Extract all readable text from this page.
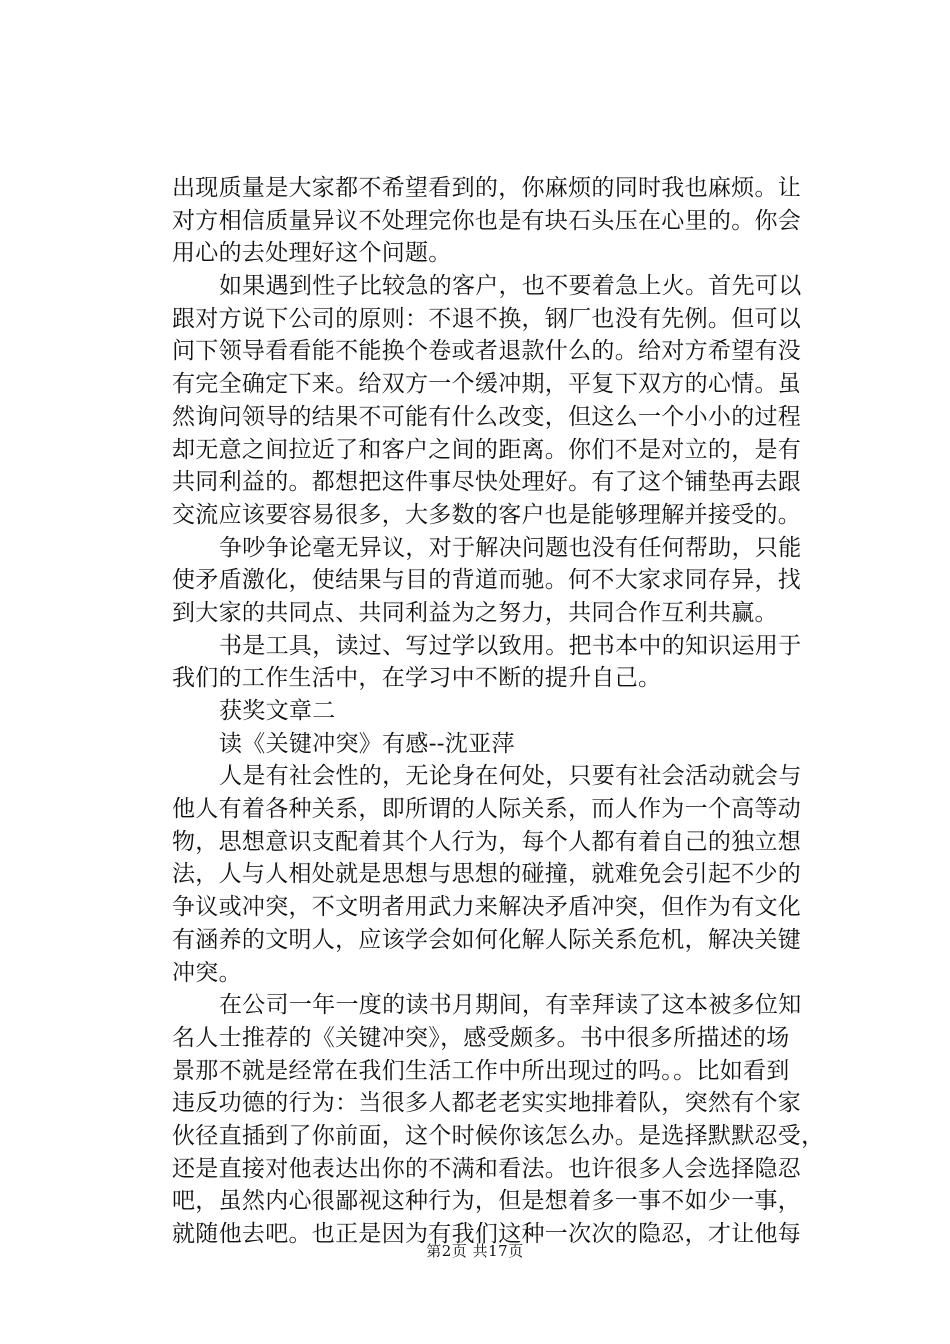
出现质量是大家都不希望看到的，你麻烦的同时我也麻烦。让
对方相信质量异议不处理完你也是有块石头压在心里的。你会
用心的去处理好这个问题。
如果遇到性子比较急的客户，也不要着急上火。首先可以
跟对方说下公司的原则：不退不换，钢厂也没有先例。但可以
问下领导看看能不能换个卷或者退款什么的。给对方希望有没
有完全确定下来。给双方一个缓冲期，平复下双方的心情。虽
然询问领导的结果不可能有什么改变，但这么一个小小的过程
却无意之间拉近了和客户之间的距离。你们不是对立的，是有
共同利益的。都想把这件事尽快处理好。有了这个铺垫再去跟
交流应该要容易很多，大多数的客户也是能够理解并接受的。
争吵争论毫无异议，对于解决问题也没有任何帮助，只能
使矛盾激化，使结果与目的背道而驰。何不大家求同存异，找
到大家的共同点、共同利益为之努力，共同合作互利共赢。
书是工具，读过、写过学以致用。把书本中的知识运用于
我们的工作生活中，在学习中不断的提升自己。
获奖文章二
读《关键冲突》有感--沈亚萍
人是有社会性的，无论身在何处，只要有社会活动就会与
他人有着各种关系，即所谓的人际关系，而人作为一个高等动
物，思想意识支配着其个人行为，每个人都有着自己的独立想
法，人与人相处就是思想与思想的碰撞，就难免会引起不少的
争议或冲突，不文明者用武力来解决矛盾冲突，但作为有文化
有涵养的文明人，应该学会如何化解人际关系危机，解决关键
冲突。
在公司一年一度的读书月期间，有幸拜读了这本被多位知
名人士推荐的《关键冲突》，感受颇多。书中很多所描述的场
景那不就是经常在我们生活工作中所出现过的吗。。比如看到
违反功德的行为：当很多人都老老实实地排着队，突然有个家
伙径直插到了你前面，这个时候你该怎么办。是选择默默忍受，
还是直接对他表达出你的不满和看法。也许很多人会选择隐忍
吧，虽然内心很鄙视这种行为，但是想着多一事不如少一事，
就随他去吧。也正是因为有我们这种一次次的隐忍，才让他每
第2页 共17页
